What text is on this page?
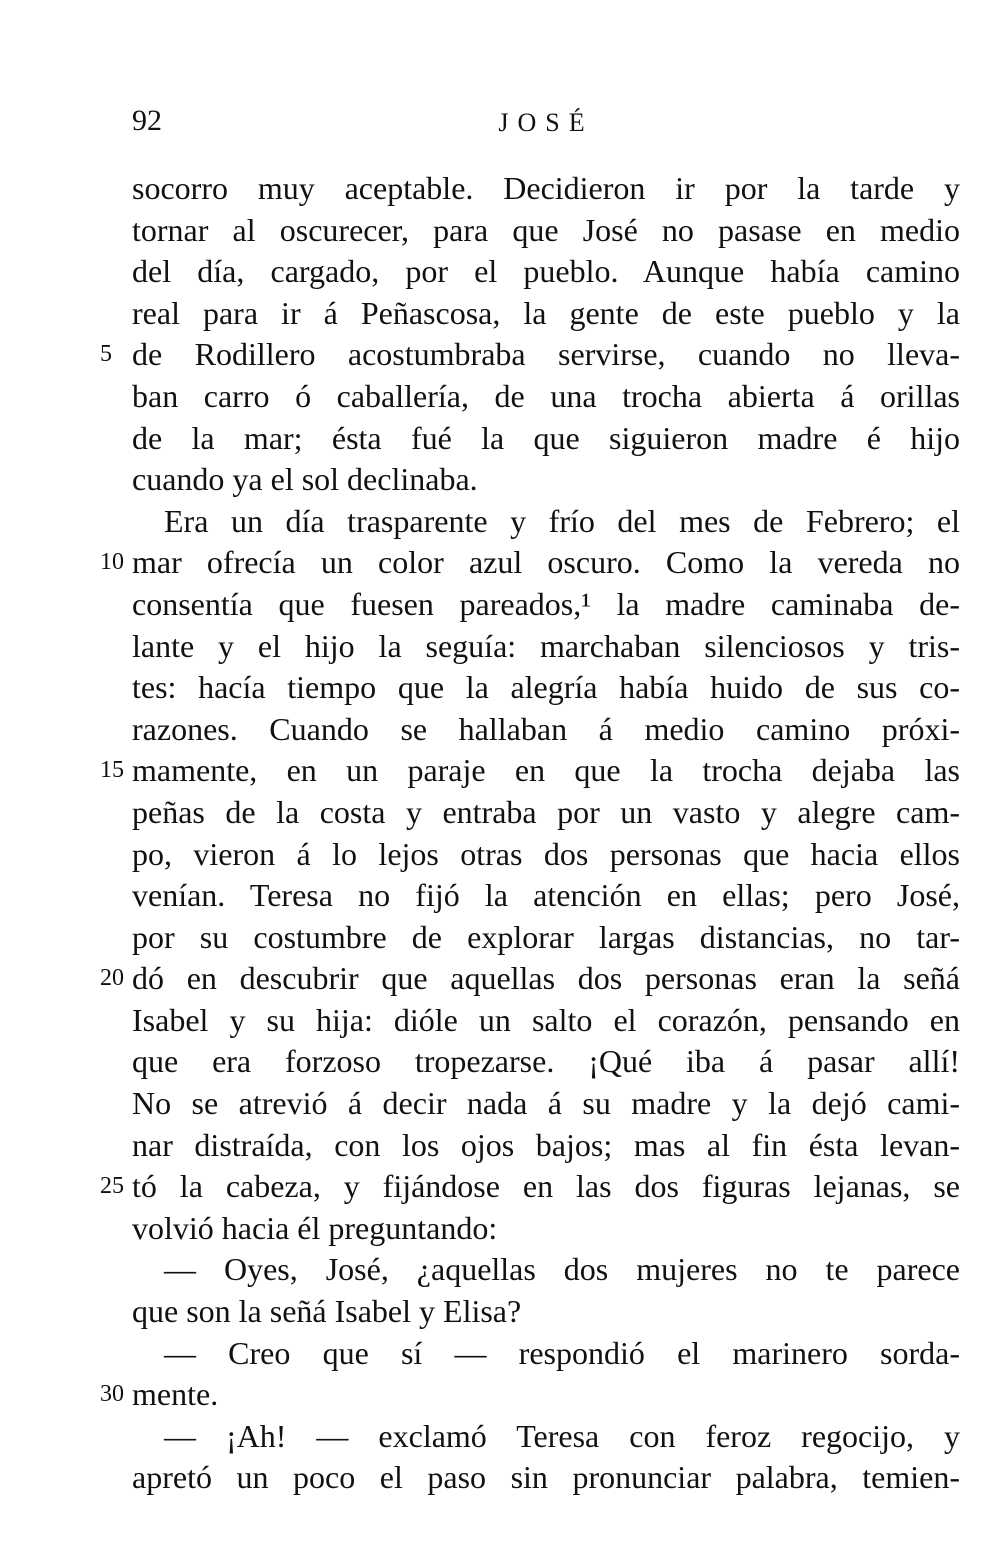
92	JOSÉ
socorro muy aceptable. Decidieron ir por la tarde y
tornar al oscurecer, para que José no pasase en medio
del día, cargado, por el pueblo. Aunque había camino
real para ir á Peñascosa, la gente de este pueblo y la
5 de Rodillero acostumbraba servirse, cuando no lleva-
ban carro ó caballería, de una trocha abierta á orillas
de la mar; ésta fué la que siguieron madre é hijo
cuando ya el sol declinaba.
Era un día trasparente y frío del mes de Febrero; el
10 mar ofrecía un color azul oscuro. Como la vereda no
consentía que fuesen pareados,¹ la madre caminaba de-
lante y el hijo la seguía: marchaban silenciosos y tris-
tes: hacía tiempo que la alegría había huido de sus co-
razones. Cuando se hallaban á medio camino próxi-
15 mamente, en un paraje en que la trocha dejaba las
peñas de la costa y entraba por un vasto y alegre cam-
po, vieron á lo lejos otras dos personas que hacia ellos
venían. Teresa no fijó la atención en ellas; pero José,
por su costumbre de explorar largas distancias, no tar-
20 dó en descubrir que aquellas dos personas eran la señá
Isabel y su hija: dióle un salto el corazón, pensando en
que era forzoso tropezarse. ¡Qué iba á pasar allí!
No se atrevió á decir nada á su madre y la dejó cami-
nar distraída, con los ojos bajos; mas al fin ésta levan-
25 tó la cabeza, y fijándose en las dos figuras lejanas, se
volvió hacia él preguntando:
— Oyes, José, ¿aquellas dos mujeres no te parece
que son la señá Isabel y Elisa?
— Creo que sí — respondió el marinero sorda-
30 mente.
— ¡Ah! — exclamó Teresa con feroz regocijo, y
apretó un poco el paso sin pronunciar palabra, temien-
